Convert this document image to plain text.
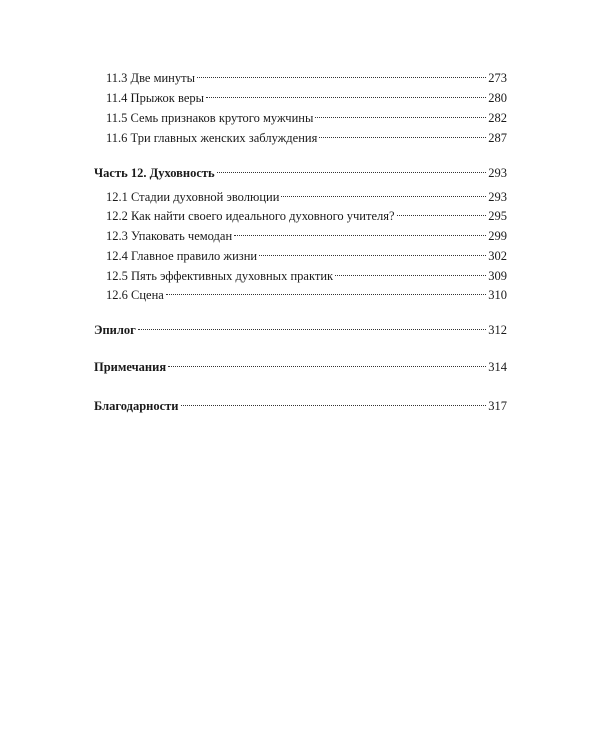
11.3 Две минуты	273
11.4 Прыжок веры	280
11.5 Семь признаков крутого мужчины	282
11.6 Три главных женских заблуждения	287
Часть 12. Духовность	293
12.1 Стадии духовной эволюции	293
12.2 Как найти своего идеального духовного учителя?	295
12.3 Упаковать чемодан	299
12.4 Главное правило жизни	302
12.5 Пять эффективных духовных практик	309
12.6 Сцена	310
Эпилог	312
Примечания	314
Благодарности	317
